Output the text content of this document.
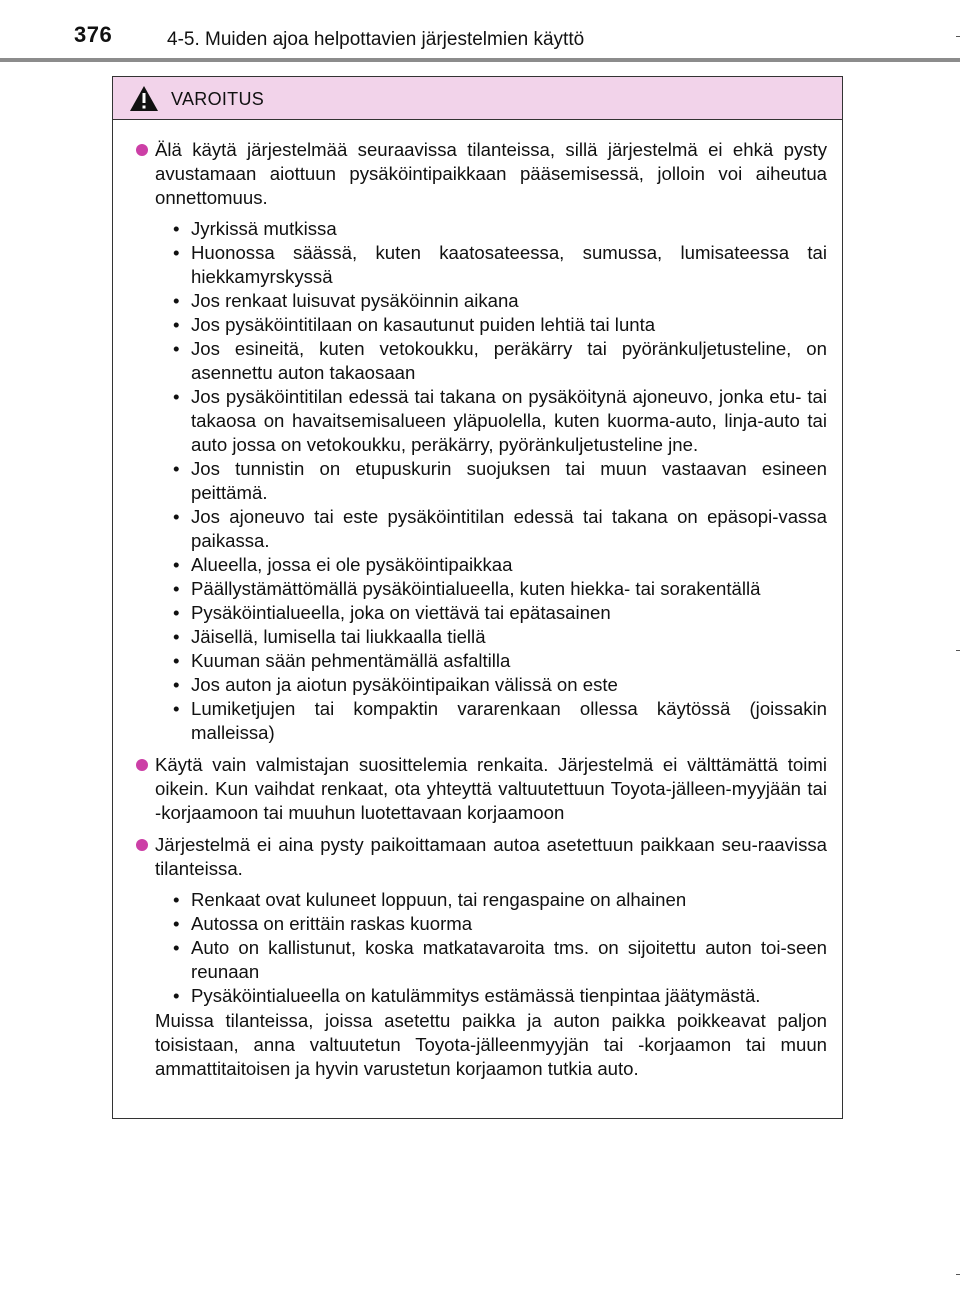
376	4-5. Muiden ajoa helpottavien järjestelmien käyttö
VAROITUS
Älä käytä järjestelmää seuraavissa tilanteissa, sillä järjestelmä ei ehkä pysty avustamaan aiottuun pysäköintipaikkaan pääsemisessä, jolloin voi aiheutua onnettomuus.
• Jyrkissä mutkissa
• Huonossa säässä, kuten kaatosateessa, sumussa, lumisateessa tai hiekkamyrskyssä
• Jos renkaat luisuvat pysäköinnin aikana
• Jos pysäköintitilaan on kasautunut puiden lehtiä tai lunta
• Jos esineitä, kuten vetokoukku, peräkärry tai pyöränkuljetusteline, on asennettu auton takaosaan
• Jos pysäköintitilan edessä tai takana on pysäköitynä ajoneuvo, jonka etu- tai takaosa on havaitsemisalueen yläpuolella, kuten kuorma-auto, linja-auto tai auto jossa on vetokoukku, peräkärry, pyöränkuljetusteline jne.
• Jos tunnistin on etupuskurin suojuksen tai muun vastaavan esineen peittämä.
• Jos ajoneuvo tai este pysäköintitilan edessä tai takana on epäsopi-vassa paikassa.
• Alueella, jossa ei ole pysäköintipaikkaa
• Päällystämättömällä pysäköintialueella, kuten hiekka- tai sorakentällä
• Pysäköintialueella, joka on viettävä tai epätasainen
• Jäisellä, lumisella tai liukkaalla tiellä
• Kuuman sään pehmentämällä asfaltilla
• Jos auton ja aiotun pysäköintipaikan välissä on este
• Lumiketjujen tai kompaktin vararenkaan ollessa käytössä (joissakin malleissa)
Käytä vain valmistajan suosittelemia renkaita. Järjestelmä ei välttämättä toimi oikein. Kun vaihdat renkaat, ota yhteyttä valtuutettuun Toyota-jälleen-myyjään tai -korjaamoon tai muuhun luotettavaan korjaamoon
Järjestelmä ei aina pysty paikoittamaan autoa asetettuun paikkaan seu-raavissa tilanteissa.
• Renkaat ovat kuluneet loppuun, tai rengaspaine on alhainen
• Autossa on erittäin raskas kuorma
• Auto on kallistunut, koska matkatavaroita tms. on sijoitettu auton toi-seen reunaan
• Pysäköintialueella on katulämmitys estämässä tienpintaa jäätymästä.
Muissa tilanteissa, joissa asetettu paikka ja auton paikka poikkeavat paljon toisistaan, anna valtuutetun Toyota-jälleenmyyjän tai -korjaamon tai muun ammattitaitoisen ja hyvin varustetun korjaamon tutkia auto.
